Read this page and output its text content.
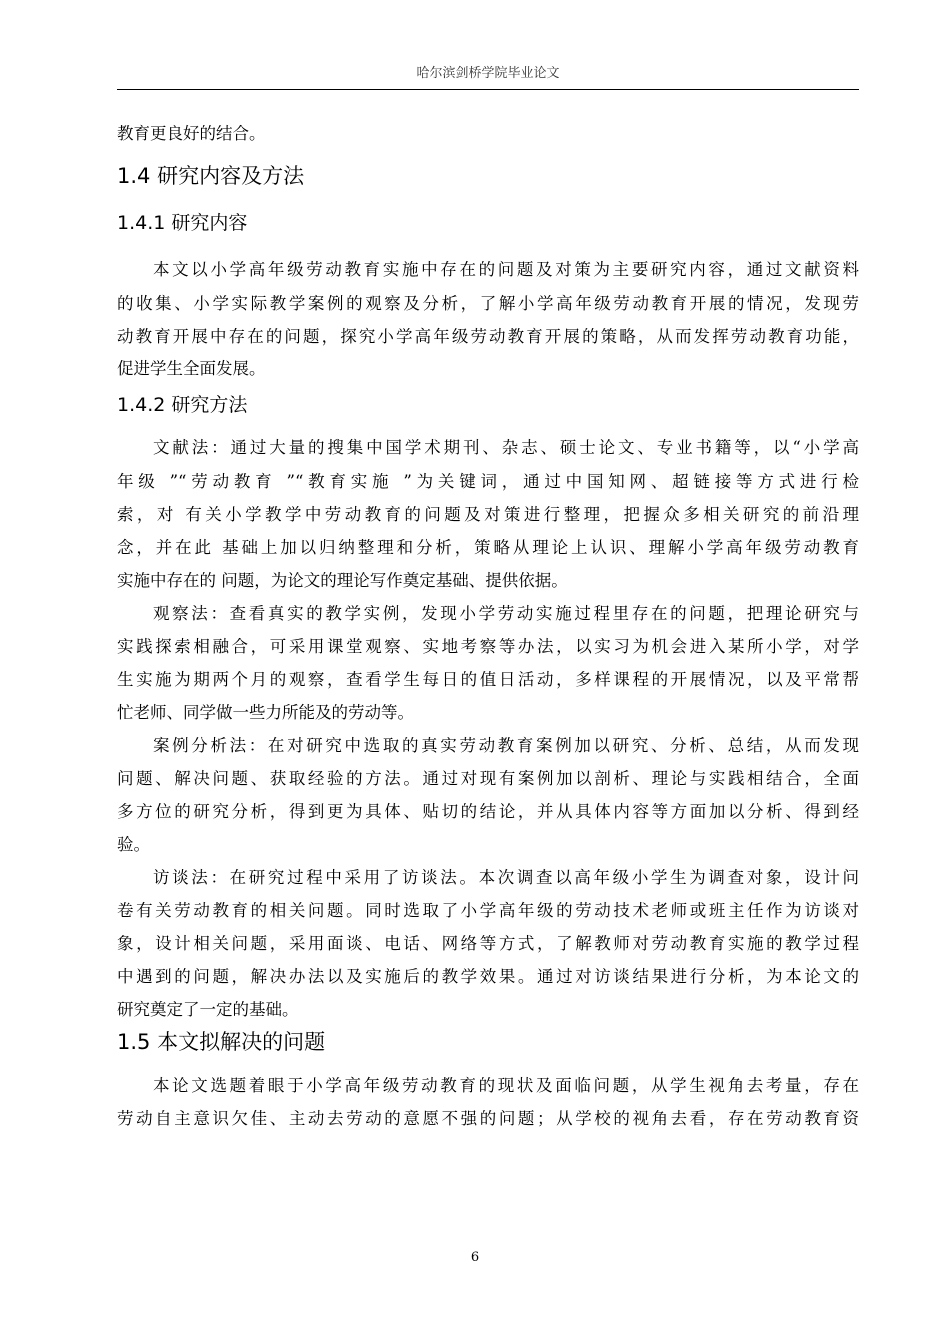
哈尔滨剑桥学院毕业论文
教育更良好的结合。
1.4 研究内容及方法
1.4.1 研究内容
本文以小学高年级劳动教育实施中存在的问题及对策为主要研究内容，通过文献资料
的收集、小学实际教学案例的观察及分析，了解小学高年级劳动教育开展的情况，发现劳
动教育开展中存在的问题，探究小学高年级劳动教育开展的策略，从而发挥劳动教育功能，
促进学生全面发展。
1.4.2 研究方法
文献法：通过大量的搜集中国学术期刊、杂志、硕士论文、专业书籍等，以“小学高
年级 ”“劳动教育 ”“教育实施 ”为关键词，通过中国知网、超链接等方式进行检
索，对 有关小学教学中劳动教育的问题及对策进行整理，把握众多相关研究的前沿理
念，并在此 基础上加以归纳整理和分析，策略从理论上认识、理解小学高年级劳动教育
实施中存在的 问题，为论文的理论写作奠定基础、提供依据。
观察法：查看真实的教学实例，发现小学劳动实施过程里存在的问题，把理论研究与
实践探索相融合，可采用课堂观察、实地考察等办法，以实习为机会进入某所小学，对学
生实施为期两个月的观察，查看学生每日的值日活动，多样课程的开展情况，以及平常帮
忙老师、同学做一些力所能及的劳动等。
案例分析法：在对研究中选取的真实劳动教育案例加以研究、分析、总结，从而发现
问题、解决问题、获取经验的方法。通过对现有案例加以剖析、理论与实践相结合，全面
多方位的研究分析，得到更为具体、贴切的结论，并从具体内容等方面加以分析、得到经
验。
访谈法：在研究过程中采用了访谈法。本次调查以高年级小学生为调查对象，设计问
卷有关劳动教育的相关问题。同时选取了小学高年级的劳动技术老师或班主任作为访谈对
象，设计相关问题，采用面谈、电话、网络等方式，了解教师对劳动教育实施的教学过程
中遇到的问题，解决办法以及实施后的教学效果。通过对访谈结果进行分析，为本论文的
研究奠定了一定的基础。
1.5 本文拟解决的问题
本论文选题着眼于小学高年级劳动教育的现状及面临问题，从学生视角去考量，存在
劳动自主意识欠佳、主动去劳动的意愿不强的问题；从学校的视角去看，存在劳动教育资
6
